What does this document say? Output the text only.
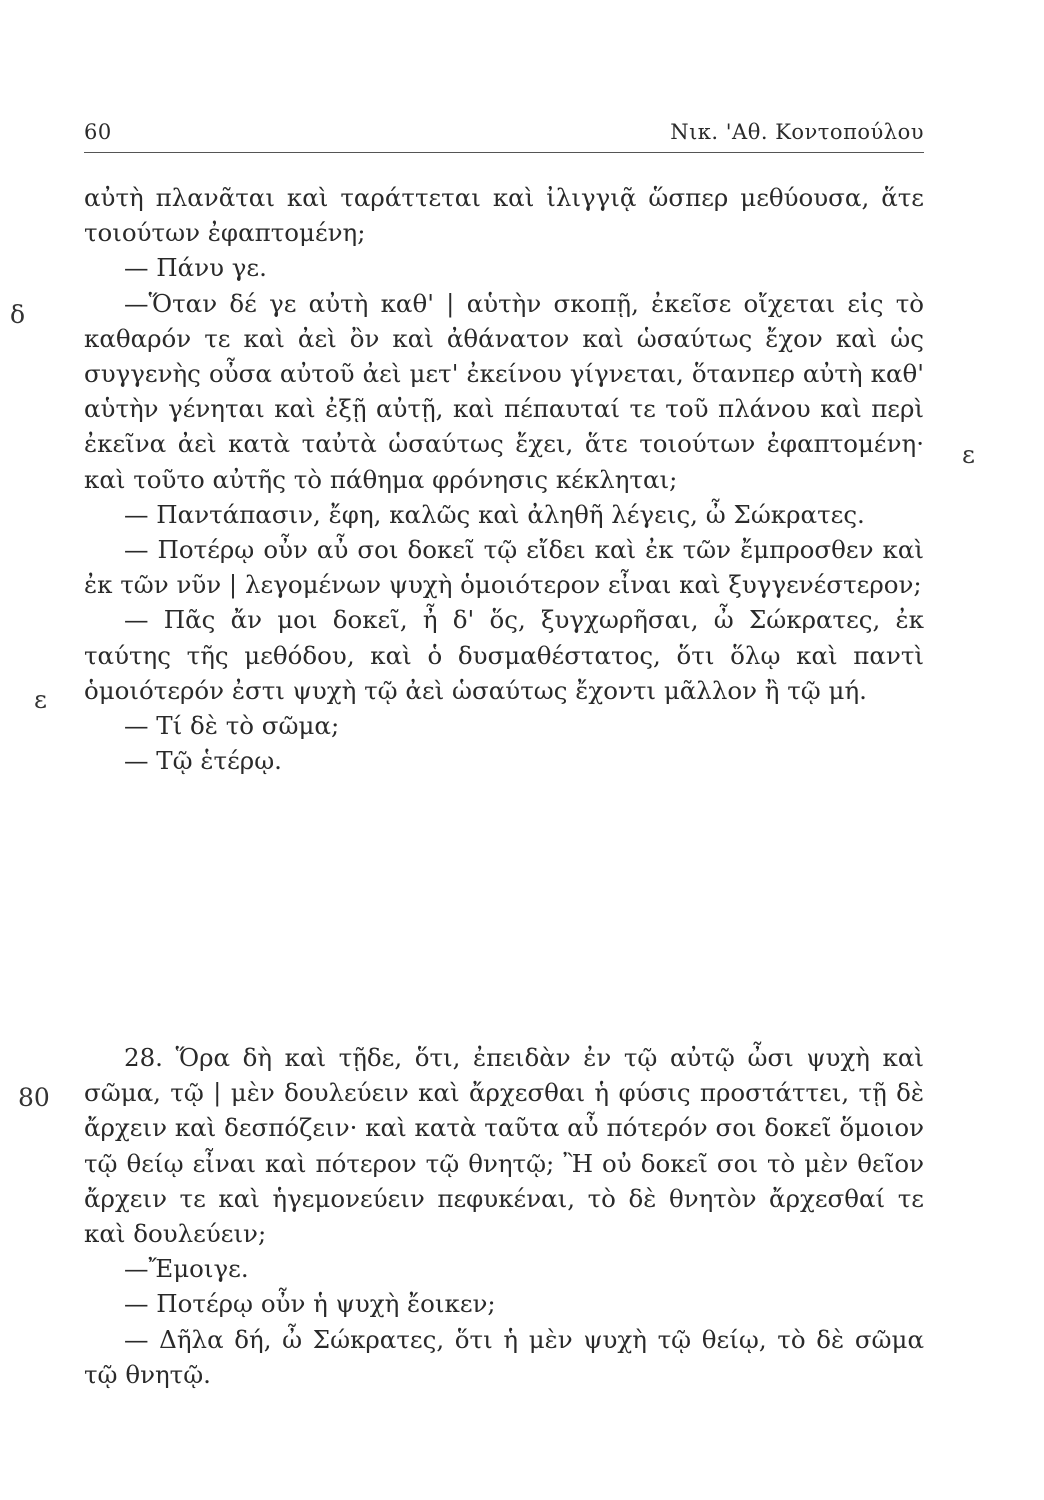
60	Νικ. 'Αθ. Κοντοπούλου
δ
ε
ε
80

αὐτὴ πλανᾶται καὶ ταράττεται καὶ ἰλιγγιᾷ ὥσπερ μεθύουσα, ἅτε τοιούτων ἐφαπτομένη;

— Πάνυ γε.

—Ὅταν δέ γε αὐτὴ καθ' | αὑτὴν σκοπῇ, ἐκεῖσε οἴχεται εἰς τὸ καθαρόν τε καὶ ἀεὶ ὂν καὶ ἀθάνατον καὶ ὡσαύτως ἔχον καὶ ὡς συγγενὴς οὖσα αὐτοῦ ἀεὶ μετ' ἐκείνου γίγνεται, ὅτανπερ αὐτὴ καθ' αὑτὴν γένηται καὶ ἐξῇ αὐτῇ, καὶ πέπαυταί τε τοῦ πλάνου καὶ περὶ ἐκεῖνα ἀεὶ κατὰ ταὐτὰ ὡσαύτως ἔχει, ἅτε τοιούτων ἐφαπτομένη· καὶ τοῦτο αὐτῆς τὸ πάθημα φρόνησις κέκληται;

— Παντάπασιν, ἔφη, καλῶς καὶ ἀληθῆ λέγεις, ὦ Σώκρατες.

— Ποτέρῳ οὖν αὖ σοι δοκεῖ τῷ εἴδει καὶ ἐκ τῶν ἔμπροσθεν καὶ ἐκ τῶν νῦν | λεγομένων ψυχὴ ὁμοιότερον εἶναι καὶ ξυγγενέστερον;

— Πᾶς ἄν μοι δοκεῖ, ἦ δ' ὅς, ξυγχωρῆσαι, ὦ Σώκρατες, ἐκ ταύτης τῆς μεθόδου, καὶ ὁ δυσμαθέστατος, ὅτι ὅλῳ καὶ παντὶ ὁμοιότερόν ἐστι ψυχὴ τῷ ἀεὶ ὡσαύτως ἔχοντι μᾶλλον ἢ τῷ μή.

— Τί δὲ τὸ σῶμα;

— Τῷ ἑτέρῳ.

28. Ὅρα δὴ καὶ τῇδε, ὅτι, ἐπειδὰν ἐν τῷ αὐτῷ ὦσι ψυχὴ καὶ σῶμα, τῷ | μὲν δουλεύειν καὶ ἄρχεσθαι ἡ φύσις προστάττει, τῇ δὲ ἄρχειν καὶ δεσπόζειν· καὶ κατὰ ταῦτα αὖ πότερόν σοι δοκεῖ ὅμοιον τῷ θείῳ εἶναι καὶ πότερον τῷ θνητῷ; Ἢ οὐ δοκεῖ σοι τὸ μὲν θεῖον ἄρχειν τε καὶ ἡγεμονεύειν πεφυκέναι, τὸ δὲ θνητὸν ἄρχεσθαί τε καὶ δουλεύειν;

—Ἔμοιγε.

— Ποτέρῳ οὖν ἡ ψυχὴ ἔοικεν;

— Δῆλα δή, ὦ Σώκρατες, ὅτι ἡ μὲν ψυχὴ τῷ θείῳ, τὸ δὲ σῶμα τῷ θνητῷ.
